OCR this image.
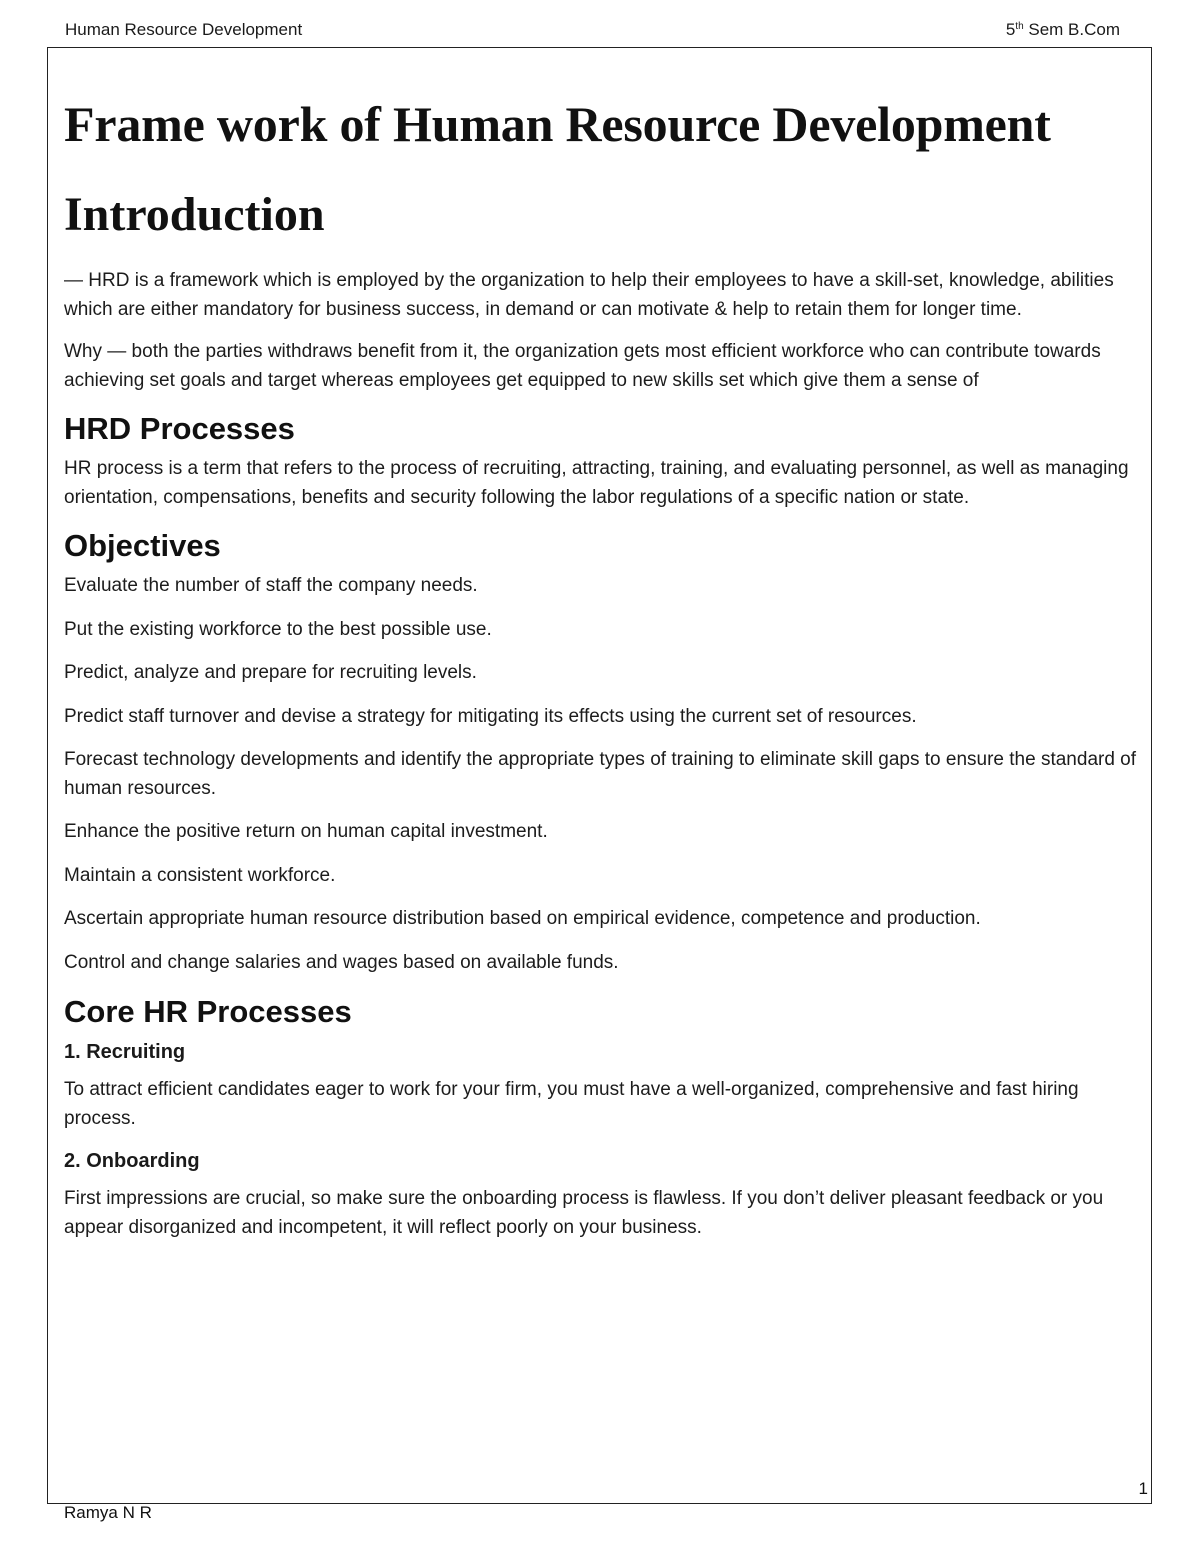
Human Resource Development	5th Sem B.Com
Frame work of Human Resource Development
Introduction

— HRD is a framework which is employed by the organization to help their employees to have a skill-set, knowledge, abilities which are either mandatory for business success, in demand or can motivate & help to retain them for longer time.

Why — both the parties withdraws benefit from it, the organization gets most efficient workforce who can contribute towards achieving set goals and target whereas employees get equipped to new skills set which give them a sense of

HRD Processes

HR process is a term that refers to the process of recruiting, attracting, training, and evaluating personnel, as well as managing orientation, compensations, benefits and security following the labor regulations of a specific nation or state.

Objectives

Evaluate the number of staff the company needs.

Put the existing workforce to the best possible use.

Predict, analyze and prepare for recruiting levels.

Predict staff turnover and devise a strategy for mitigating its effects using the current set of resources.

Forecast technology developments and identify the appropriate types of training to eliminate skill gaps to ensure the standard of human resources.

Enhance the positive return on human capital investment.

Maintain a consistent workforce.

Ascertain appropriate human resource distribution based on empirical evidence, competence and production.

Control and change salaries and wages based on available funds.

Core HR Processes
1. Recruiting

To attract efficient candidates eager to work for your firm, you must have a well-organized, comprehensive and fast hiring process.

2. Onboarding

First impressions are crucial, so make sure the onboarding process is flawless. If you don’t deliver pleasant feedback or you appear disorganized and incompetent, it will reflect poorly on your business.

1
Ramya N R
